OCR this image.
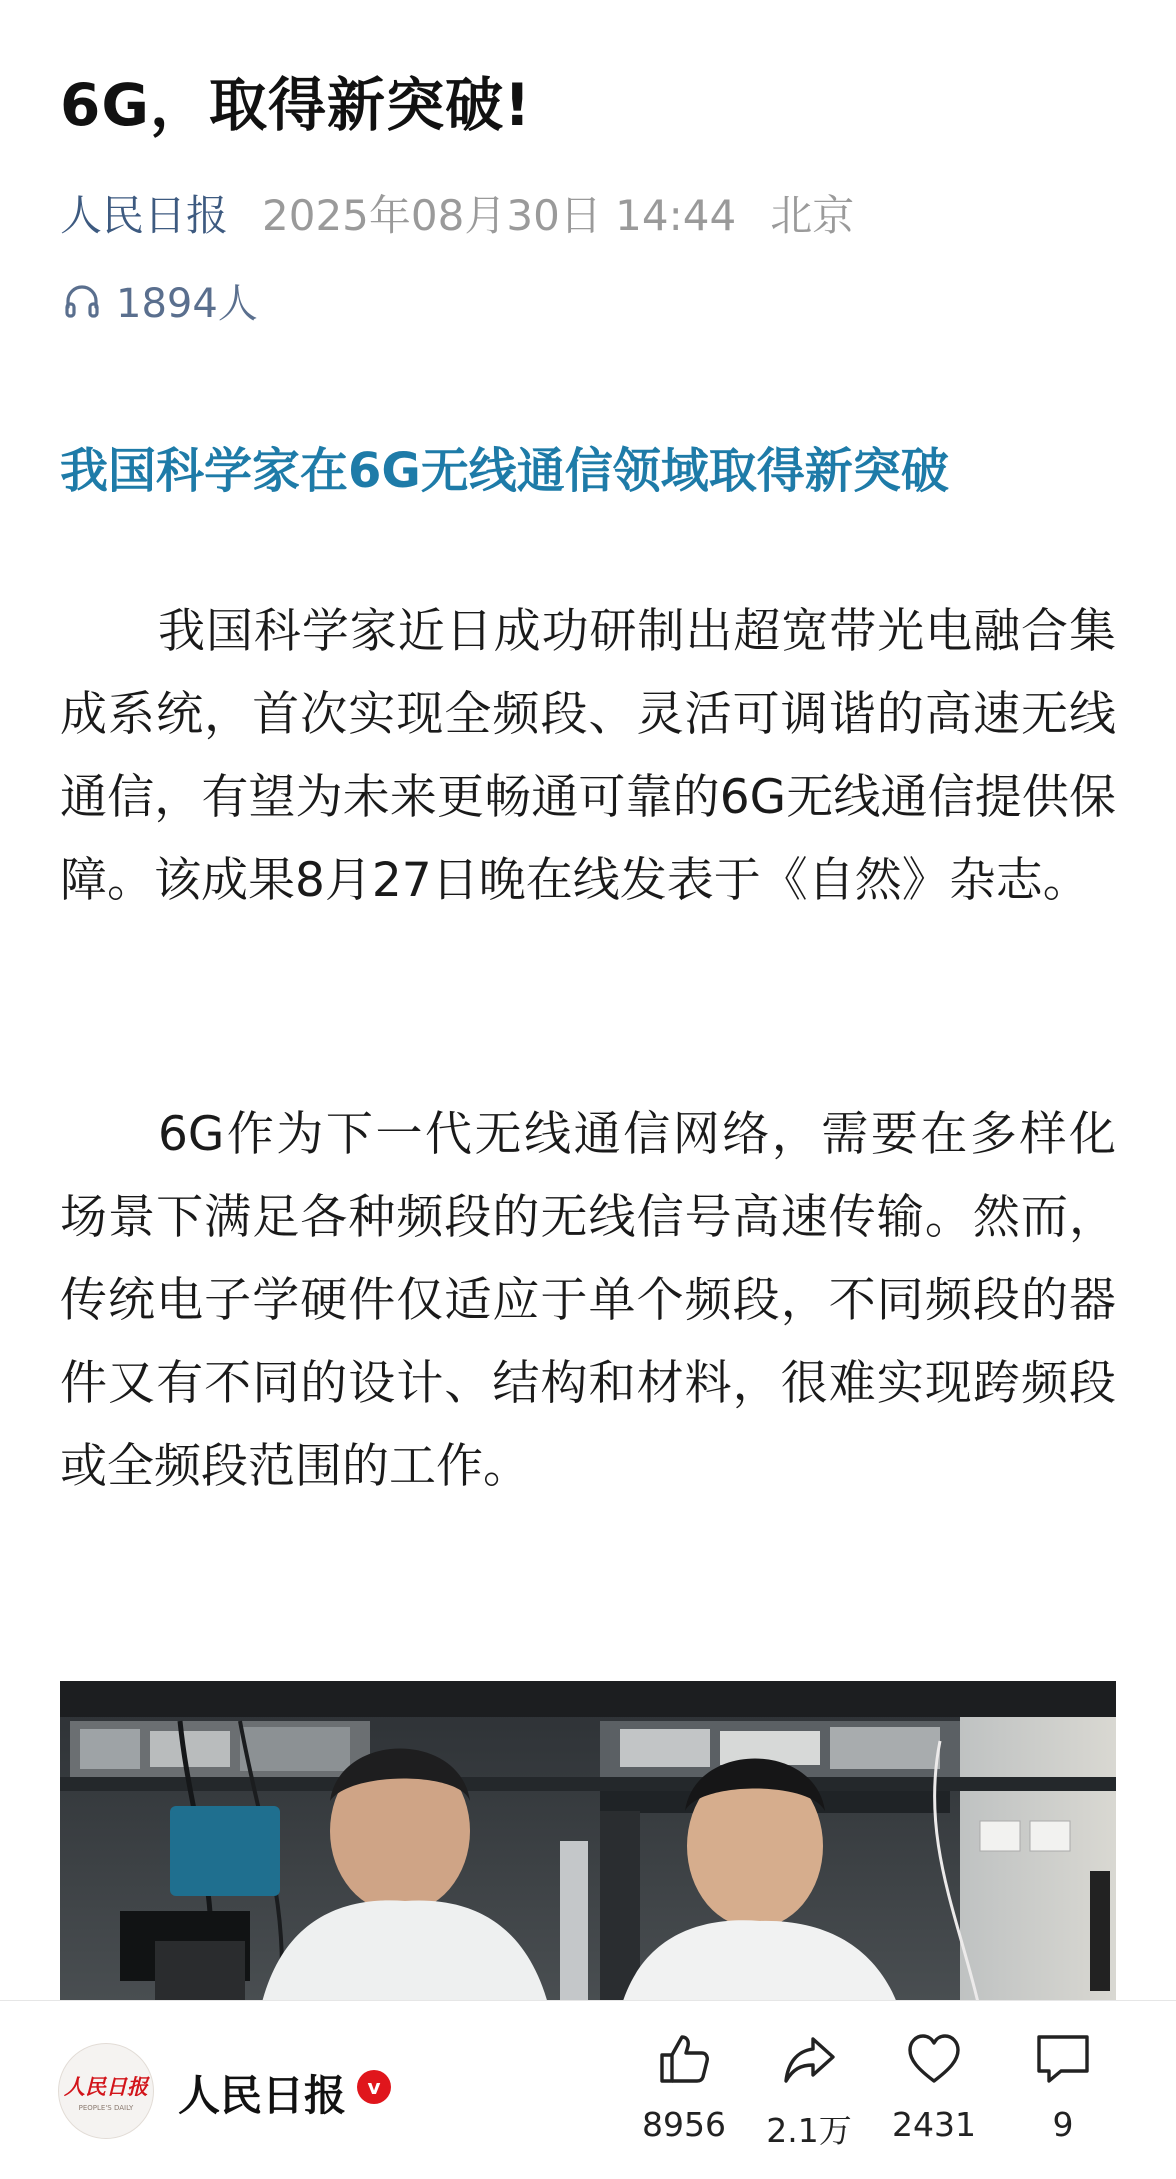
6G，取得新突破!
人民日报 2025年08月30日 14:44 北京
1894人
我国科学家在6G无线通信领域取得新突破

我国科学家近日成功研制出超宽带光电融合集成系统，首次实现全频段、灵活可调谐的高速无线通信，有望为未来更畅通可靠的6G无线通信提供保障。该成果8月27日晚在线发表于《自然》杂志。

6G作为下一代无线通信网络，需要在多样化场景下满足各种频段的无线信号高速传输。然而，传统电子学硬件仅适应于单个频段，不同频段的器件又有不同的设计、结构和材料，很难实现跨频段或全频段范围的工作。

人民日报
PEOPLE'S DAILY 人民日报 v
8956	2.1万	2431	9
